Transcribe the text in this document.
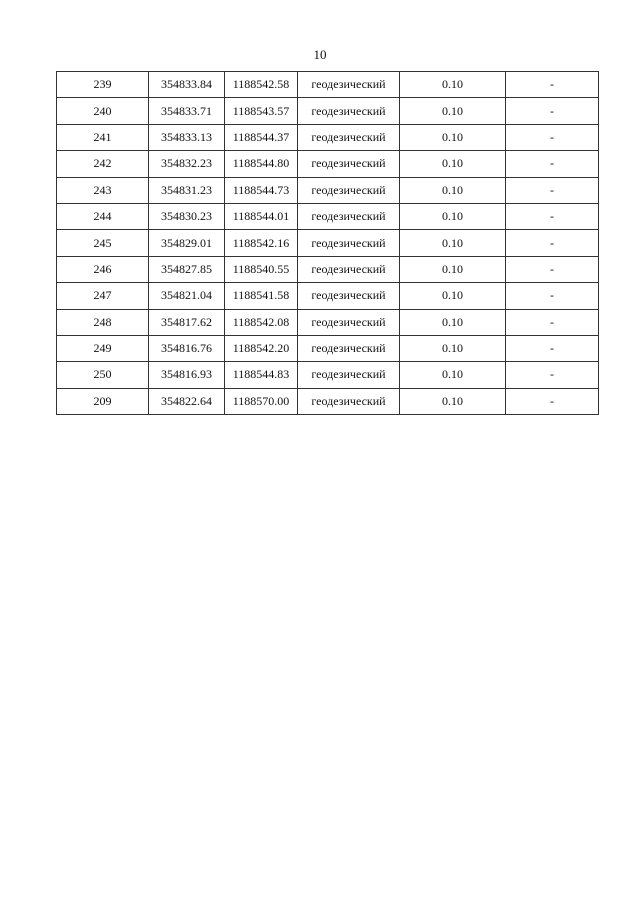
10
239	354833.84	1188542.58	геодезический	0.10	-
240	354833.71	1188543.57	геодезический	0.10	-
241	354833.13	1188544.37	геодезический	0.10	-
242	354832.23	1188544.80	геодезический	0.10	-
243	354831.23	1188544.73	геодезический	0.10	-
244	354830.23	1188544.01	геодезический	0.10	-
245	354829.01	1188542.16	геодезический	0.10	-
246	354827.85	1188540.55	геодезический	0.10	-
247	354821.04	1188541.58	геодезический	0.10	-
248	354817.62	1188542.08	геодезический	0.10	-
249	354816.76	1188542.20	геодезический	0.10	-
250	354816.93	1188544.83	геодезический	0.10	-
209	354822.64	1188570.00	геодезический	0.10	-
